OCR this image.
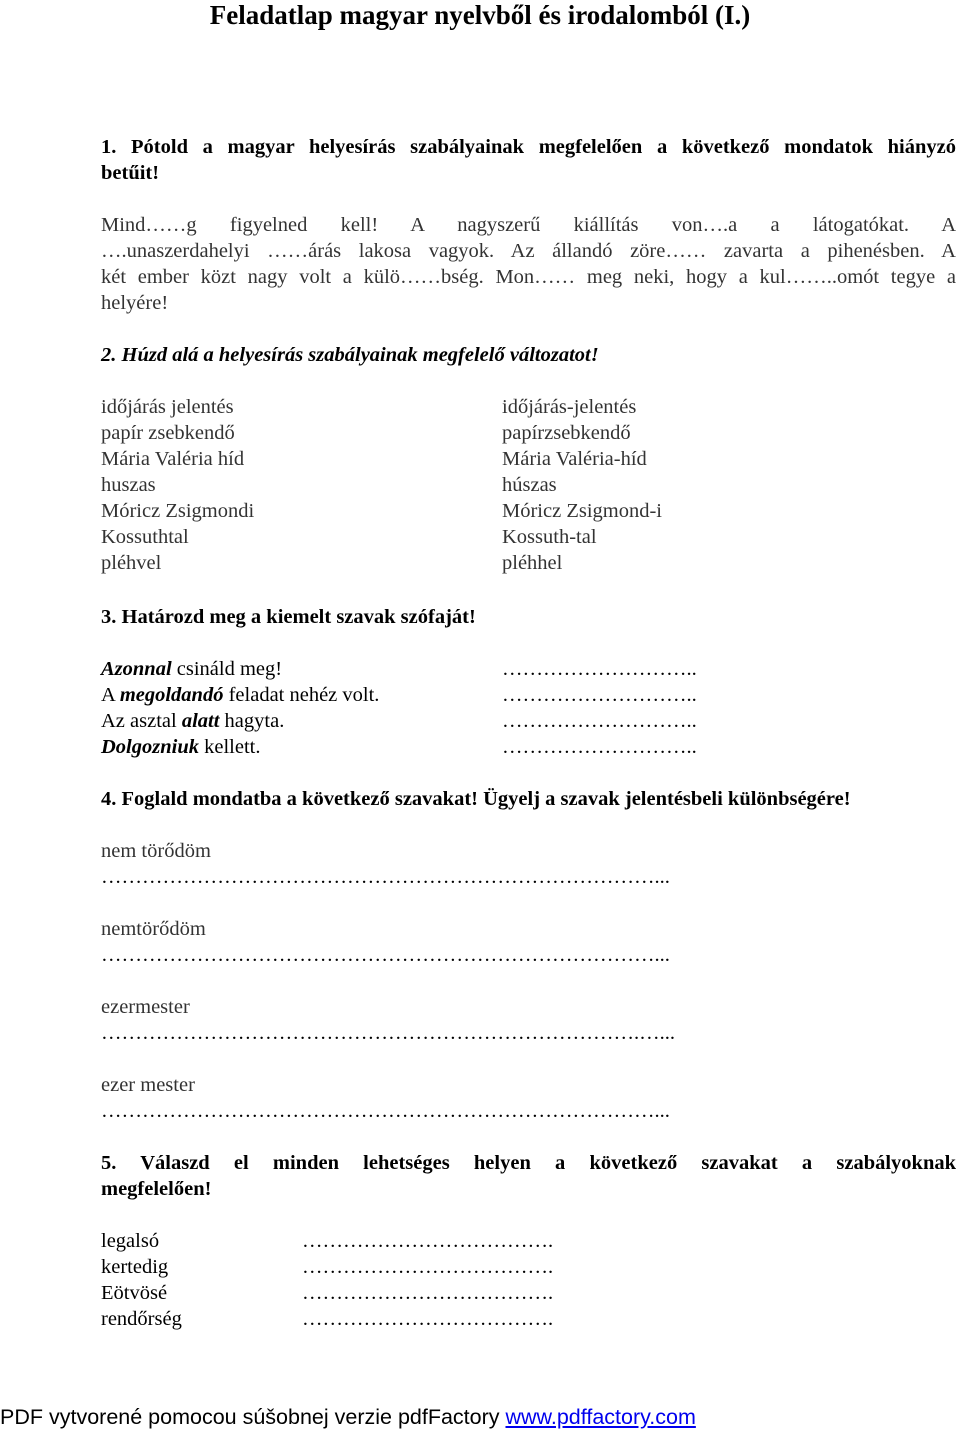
Feladatlap magyar nyelvből és irodalomból (I.)
1. Pótold a magyar helyesírás szabályainak megfelelően a következő mondatok hiányzó
betűit!
Mind……g figyelned kell! A nagyszerű kiállítás von….a a látogatókat. A
….unaszerdahelyi ……árás lakosa vagyok. Az állandó zöre…… zavarta a pihenésben. A
két ember közt nagy volt a külö……bség. Mon…… meg neki, hogy a kul……..omót tegye a
helyére!
2. Húzd alá a helyesírás szabályainak megfelelő változatot!
időjárás jelentés
papír zsebkendő
Mária Valéria híd
huszas
Móricz Zsigmondi
Kossuthtal
pléhvel
időjárás-jelentés
papírzsebkendő
Mária Valéria-híd
húszas
Móricz Zsigmond-i
Kossuth-tal
pléhhel
3. Határozd meg a kiemelt szavak szófaját!
Azonnal csináld meg!
A megoldandó feladat nehéz volt.
Az asztal alatt hagyta.
Dolgozniuk kellett.
………………………..
………………………..
………………………..
………………………..
4. Foglald mondatba a következő szavakat! Ügyelj a szavak jelentésbeli különbségére!
nem törődöm
………………………………………………………………………...
nemtörődöm
………………………………………………………………………...
ezermester
…………………………………………………………………….…...
ezer mester
………………………………………………………………………...
5. Válaszd el minden lehetséges helyen a következő szavakat a szabályoknak
megfelelően!
legalsó
kertedig
Eötvösé
rendőrség
……………………………….
……………………………….
……………………………….
……………………………….
PDF vytvorené pomocou súšobnej verzie pdfFactory www.pdffactory.com
